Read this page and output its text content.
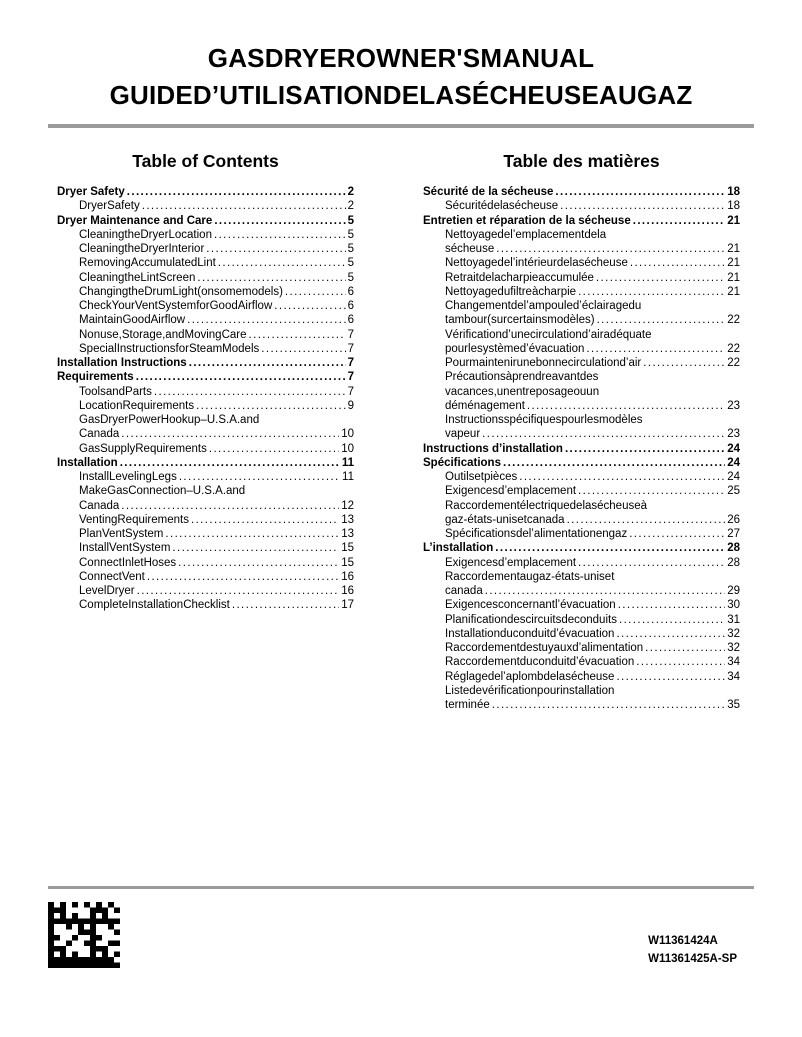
GASDRYEROWNER'SMANUAL
GUIDED’UTILISATIONDELASÉCHEUSEAUGAZ
Table of Contents
Dryer Safety .....	2
DryerSafety .....	2
Dryer Maintenance and Care .....	5
CleaningtheDryerLocation .....	5
CleaningtheDryerInterior .....	5
RemovingAccumulatedLint .....	5
CleaningtheLintScreen .....	5
ChangingtheDrumLight(onsomemodels) .....	6
CheckYourVentSystemforGoodAirflow .....	6
MaintainGoodAirflow .....	6
Nonuse,Storage,andMovingCare .....	7
SpecialInstructionsforSteamModels .....	7
Installation Instructions .....	7
Requirements .....	7
ToolsandParts .....	7
LocationRequirements .....	9
GasDryerPowerHookup–U.S.A.and
Canada .....	10
GasSupplyRequirements .....	10
Installation .....	11
InstallLevelingLegs .....	11
MakeGasConnection–U.S.A.and
Canada .....	12
VentingRequirements .....	13
PlanVentSystem .....	13
InstallVentSystem .....	15
ConnectInletHoses .....	15
ConnectVent .....	16
LevelDryer .....	16
CompleteInstallationChecklist .....	17
Table des matières
Sécurité de la sécheuse .....	18
Sécuritédelasécheuse .....	18
Entretien et réparation de la sécheuse .....	21
Nettoyagedel’emplacementdela
sécheuse .....	21
Nettoyagedel’intérieurdelasécheuse .....	21
Retraitdelacharpieaccumulée .....	21
Nettoyagedufiltreàcharpie .....	21
Changementdel’ampouled’éclairagedu
tambour(surcertainsmodèles) .....	22
Vérificationd’unecirculationd’airadéquate
pourlesystèmed’évacuation .....	22
Pourmaintenirunebonnecirculationd’air .....	22
Précautionsàprendreavantdes
vacances,unentreposageouun
déménagement .....	23
Instructionsspécifiquespourlesmodèles
vapeur .....	23
Instructions d’installation .....	24
Spécifications .....	24
Outilsetpièces .....	24
Exigencesd’emplacement .....	25
Raccordementélectriquedelasécheuseà
gaz-états-unisetcanada .....	26
Spécificationsdel’alimentationengaz .....	27
L’installation .....	28
Exigencesd’emplacement .....	28
Raccordementaugaz-états-uniset
canada .....	29
Exigencesconcernantl’évacuation .....	30
Planificationdescircuitsdeconduits .....	31
Installationduconduitd’évacuation .....	32
Raccordementdestuyauxd’alimentation .....	32
Raccordementduconduitd’évacuation .....	34
Réglagedel’aplombdelasécheuse .....	34
Listedevérificationpourinstallation
terminée .....	35
W11361424A
W11361425A-SP
